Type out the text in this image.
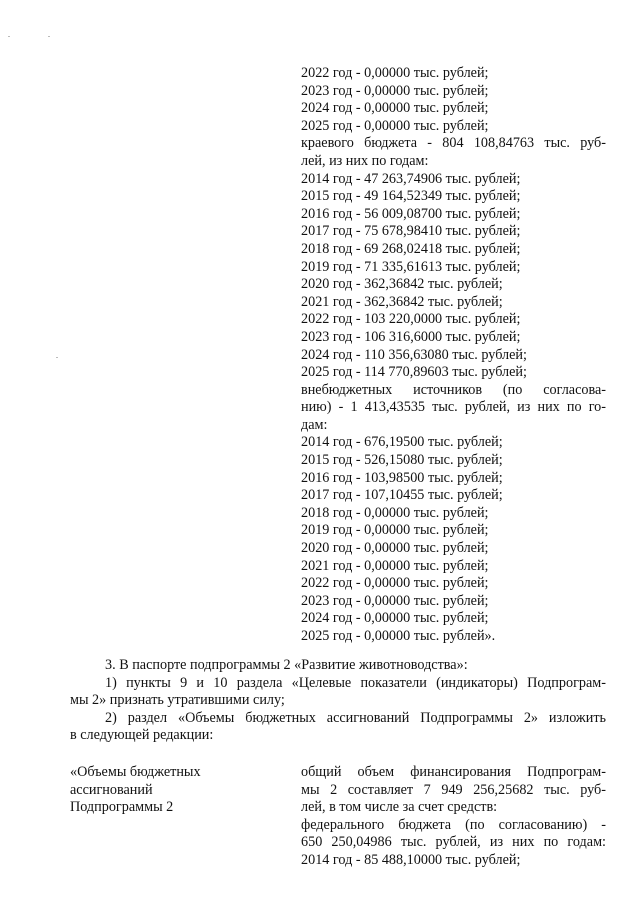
2022 год - 0,00000 тыс. рублей;
2023 год - 0,00000 тыс. рублей;
2024 год - 0,00000 тыс. рублей;
2025 год - 0,00000 тыс. рублей;
краевого бюджета - 804 108,84763 тыс. руб-
лей, из них по годам:
2014 год - 47 263,74906 тыс. рублей;
2015 год - 49 164,52349 тыс. рублей;
2016 год - 56 009,08700 тыс. рублей;
2017 год - 75 678,98410 тыс. рублей;
2018 год - 69 268,02418 тыс. рублей;
2019 год - 71 335,61613 тыс. рублей;
2020 год - 362,36842 тыс. рублей;
2021 год - 362,36842 тыс. рублей;
2022 год - 103 220,0000 тыс. рублей;
2023 год - 106 316,6000 тыс. рублей;
2024 год - 110 356,63080 тыс. рублей;
2025 год - 114 770,89603 тыс. рублей;
внебюджетных источников (по согласова-
нию) - 1 413,43535 тыс. рублей, из них по го-
дам:
2014 год - 676,19500 тыс. рублей;
2015 год - 526,15080 тыс. рублей;
2016 год - 103,98500 тыс. рублей;
2017 год - 107,10455 тыс. рублей;
2018 год - 0,00000 тыс. рублей;
2019 год - 0,00000 тыс. рублей;
2020 год - 0,00000 тыс. рублей;
2021 год - 0,00000 тыс. рублей;
2022 год - 0,00000 тыс. рублей;
2023 год - 0,00000 тыс. рублей;
2024 год - 0,00000 тыс. рублей;
2025 год - 0,00000 тыс. рублей».
3. В паспорте подпрограммы 2 «Развитие животноводства»:
1) пункты 9 и 10 раздела «Целевые показатели (индикаторы) Подпрограм-
мы 2» признать утратившими силу;
2) раздел «Объемы бюджетных ассигнований Подпрограммы 2» изложить
в следующей редакции:
«Объемы бюджетных
ассигнований
Подпрограммы 2
общий объем финансирования Подпрограм-
мы 2 составляет 7 949 256,25682 тыс. руб-
лей, в том числе за счет средств:
федерального бюджета (по согласованию) -
650 250,04986 тыс. рублей, из них по годам:
2014 год - 85 488,10000 тыс. рублей;
